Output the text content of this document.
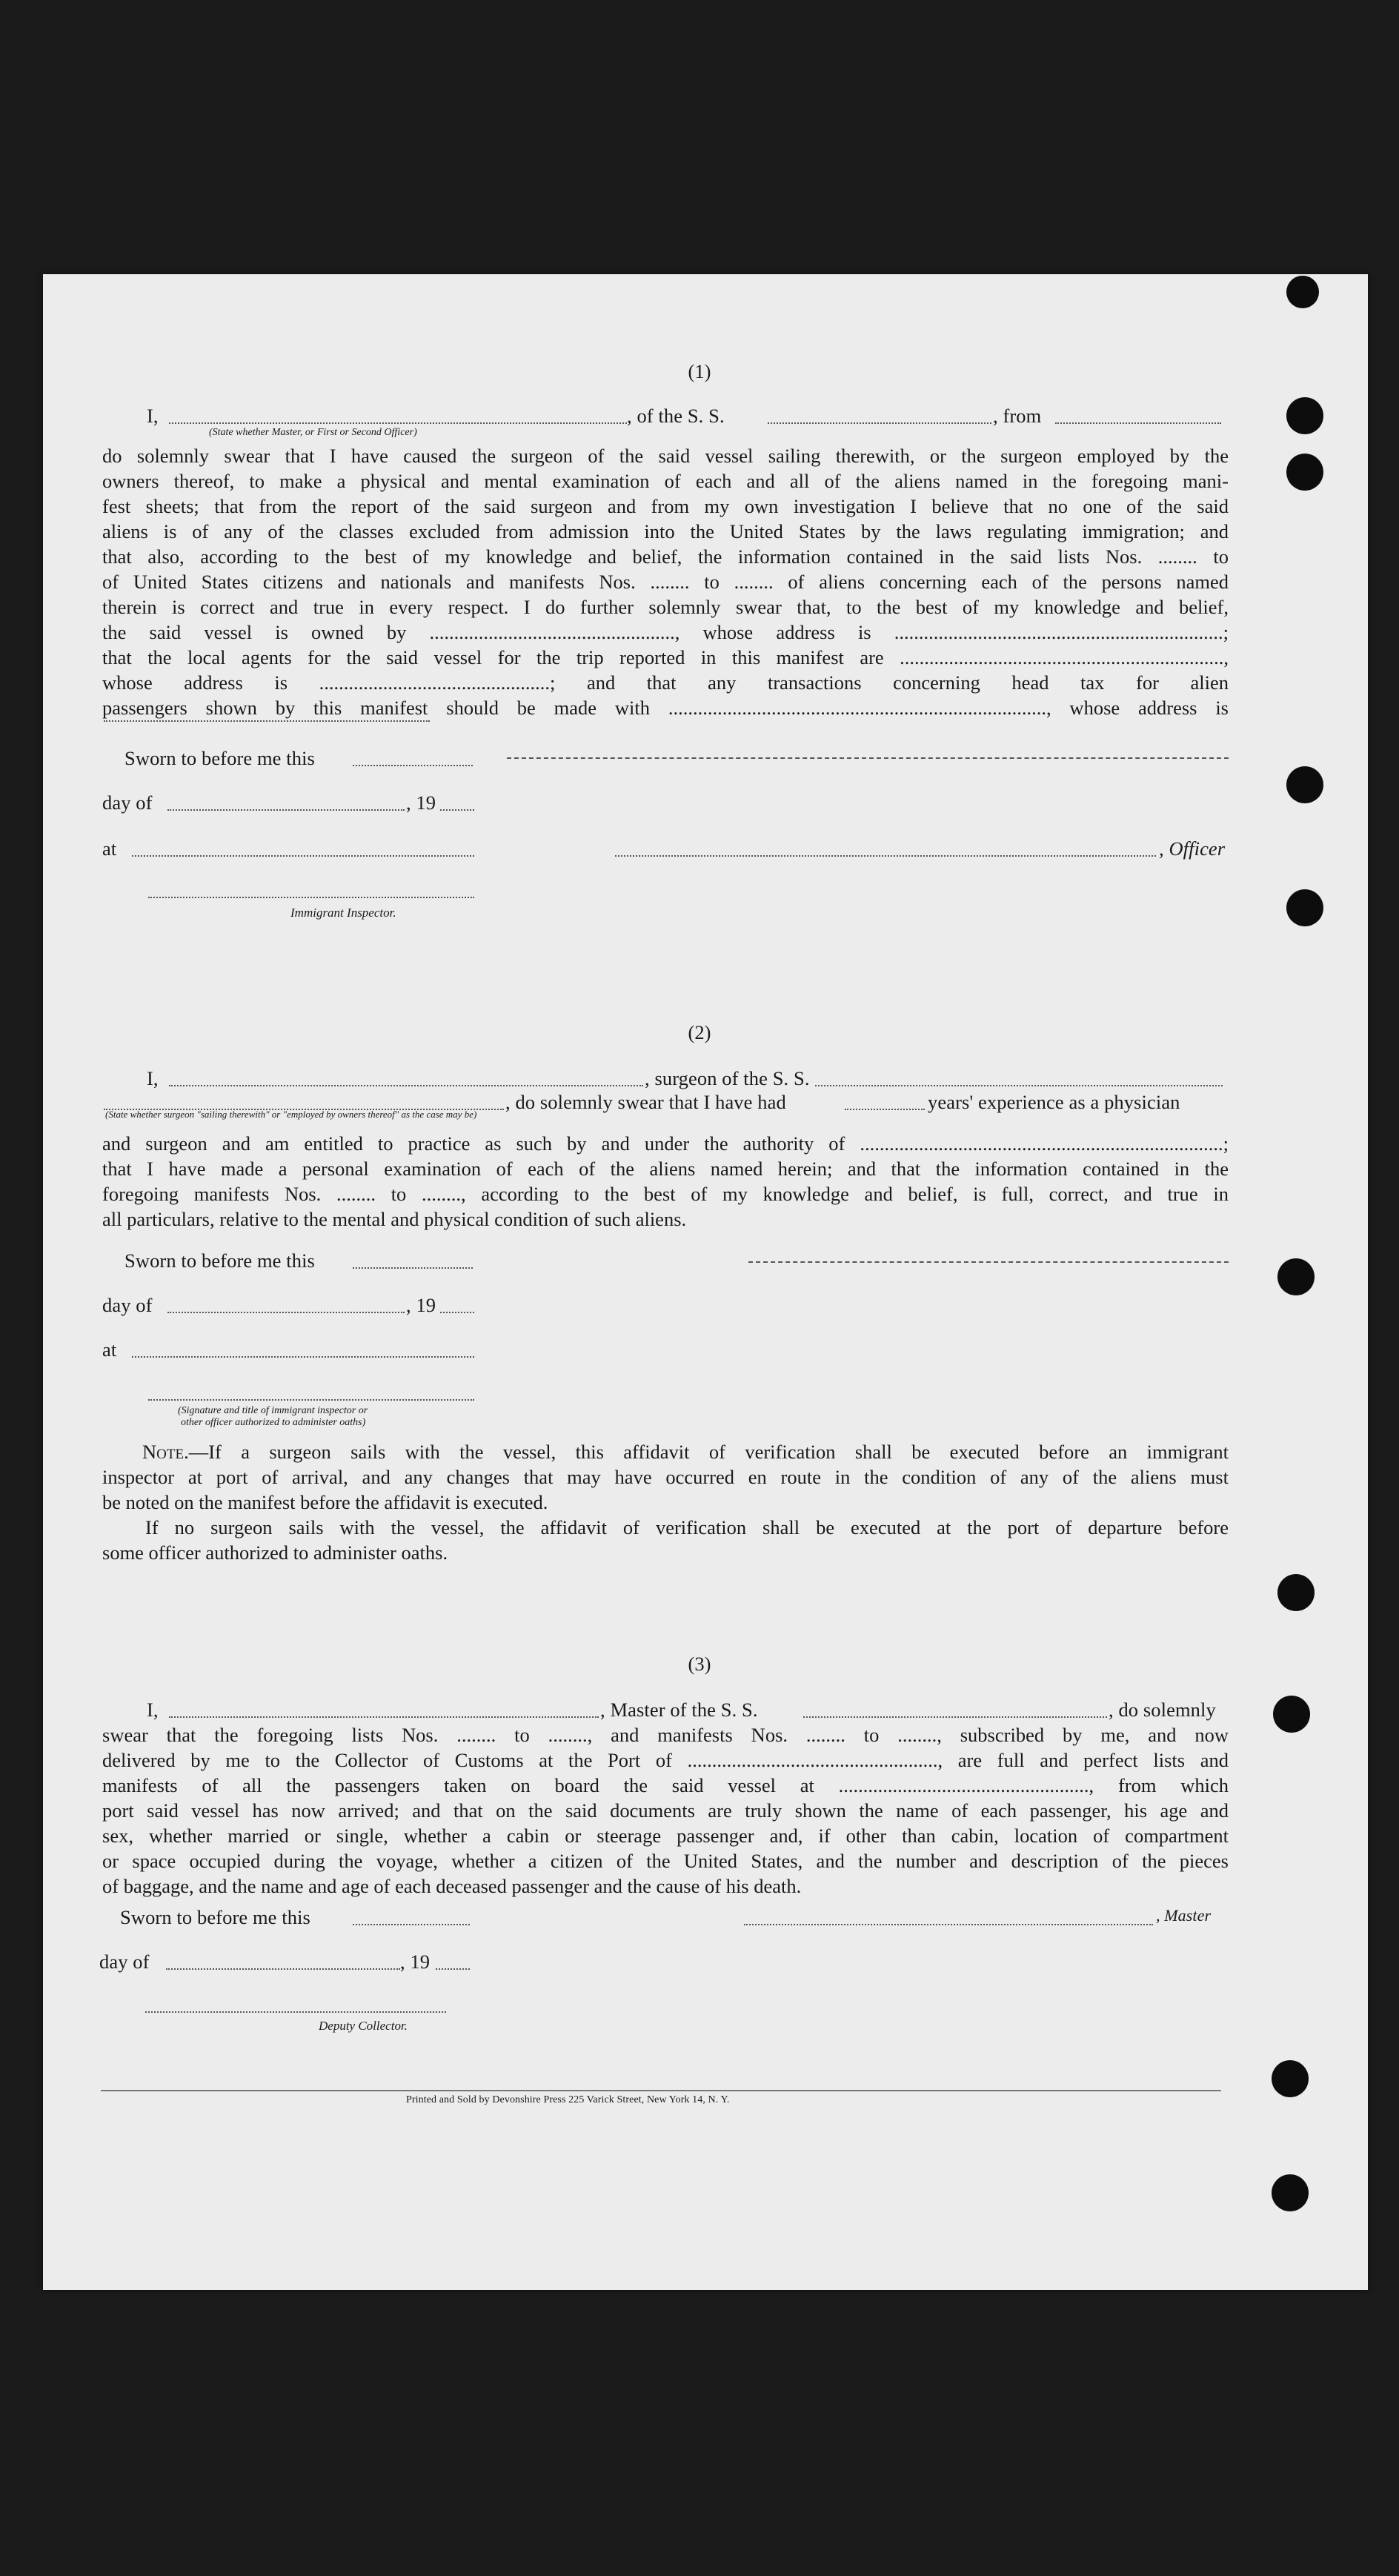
(1)
I,	, of the S. S.	, from
(State whether Master, or First or Second Officer)
do solemnly swear that I have caused the surgeon of the said vessel sailing therewith, or the surgeon employed by the
owners thereof, to make a physical and mental examination of each and all of the aliens named in the foregoing mani-
fest sheets; that from the report of the said surgeon and from my own investigation I believe that no one of the said
aliens is of any of the classes excluded from admission into the United States by the laws regulating immigration; and
that also, according to the best of my knowledge and belief, the information contained in the said lists Nos. ........ to
of United States citizens and nationals and manifests Nos. ........ to ........ of aliens concerning each of the persons named
therein is correct and true in every respect. I do further solemnly swear that, to the best of my knowledge and belief,
the said vessel is owned by .................................................., whose address is ...................................................................;
that the local agents for the said vessel for the trip reported in this manifest are ..................................................................,
whose address is ...............................................; and that any transactions concerning head tax for alien
passengers shown by this manifest should be made with ............................................................................., whose address is
Sworn to before me this
day of	, 19
at	, Officer
Immigrant Inspector.
(2)
I,	, surgeon of the S. S.
, do solemnly swear that I have had	years' experience as a physician
(State whether surgeon "sailing therewith" or "employed by owners thereof" as the case may be)
and surgeon and am entitled to practice as such by and under the authority of ..........................................................................;
that I have made a personal examination of each of the aliens named herein; and that the information contained in the
foregoing manifests Nos. ........ to ........, according to the best of my knowledge and belief, is full, correct, and true in
all particulars, relative to the mental and physical condition of such aliens.
Sworn to before me this
day of	, 19
at
(Signature and title of immigrant inspector or
other officer authorized to administer oaths)
Note.—If a surgeon sails with the vessel, this affidavit of verification shall be executed before an immigrant
inspector at port of arrival, and any changes that may have occurred en route in the condition of any of the aliens must
be noted on the manifest before the affidavit is executed.
If no surgeon sails with the vessel, the affidavit of verification shall be executed at the port of departure before
some officer authorized to administer oaths.
(3)
I,	, Master of the S. S.	, do solemnly
swear that the foregoing lists Nos. ........ to ........, and manifests Nos. ........ to ........, subscribed by me, and now
delivered by me to the Collector of Customs at the Port of ..................................................., are full and perfect lists and
manifests of all the passengers taken on board the said vessel at ..................................................., from which
port said vessel has now arrived; and that on the said documents are truly shown the name of each passenger, his age and
sex, whether married or single, whether a cabin or steerage passenger and, if other than cabin, location of compartment
or space occupied during the voyage, whether a citizen of the United States, and the number and description of the pieces
of baggage, and the name and age of each deceased passenger and the cause of his death.
Sworn to before me this	, Master
day of	, 19
Deputy Collector.
Printed and Sold by Devonshire Press 225 Varick Street, New York 14, N. Y.
